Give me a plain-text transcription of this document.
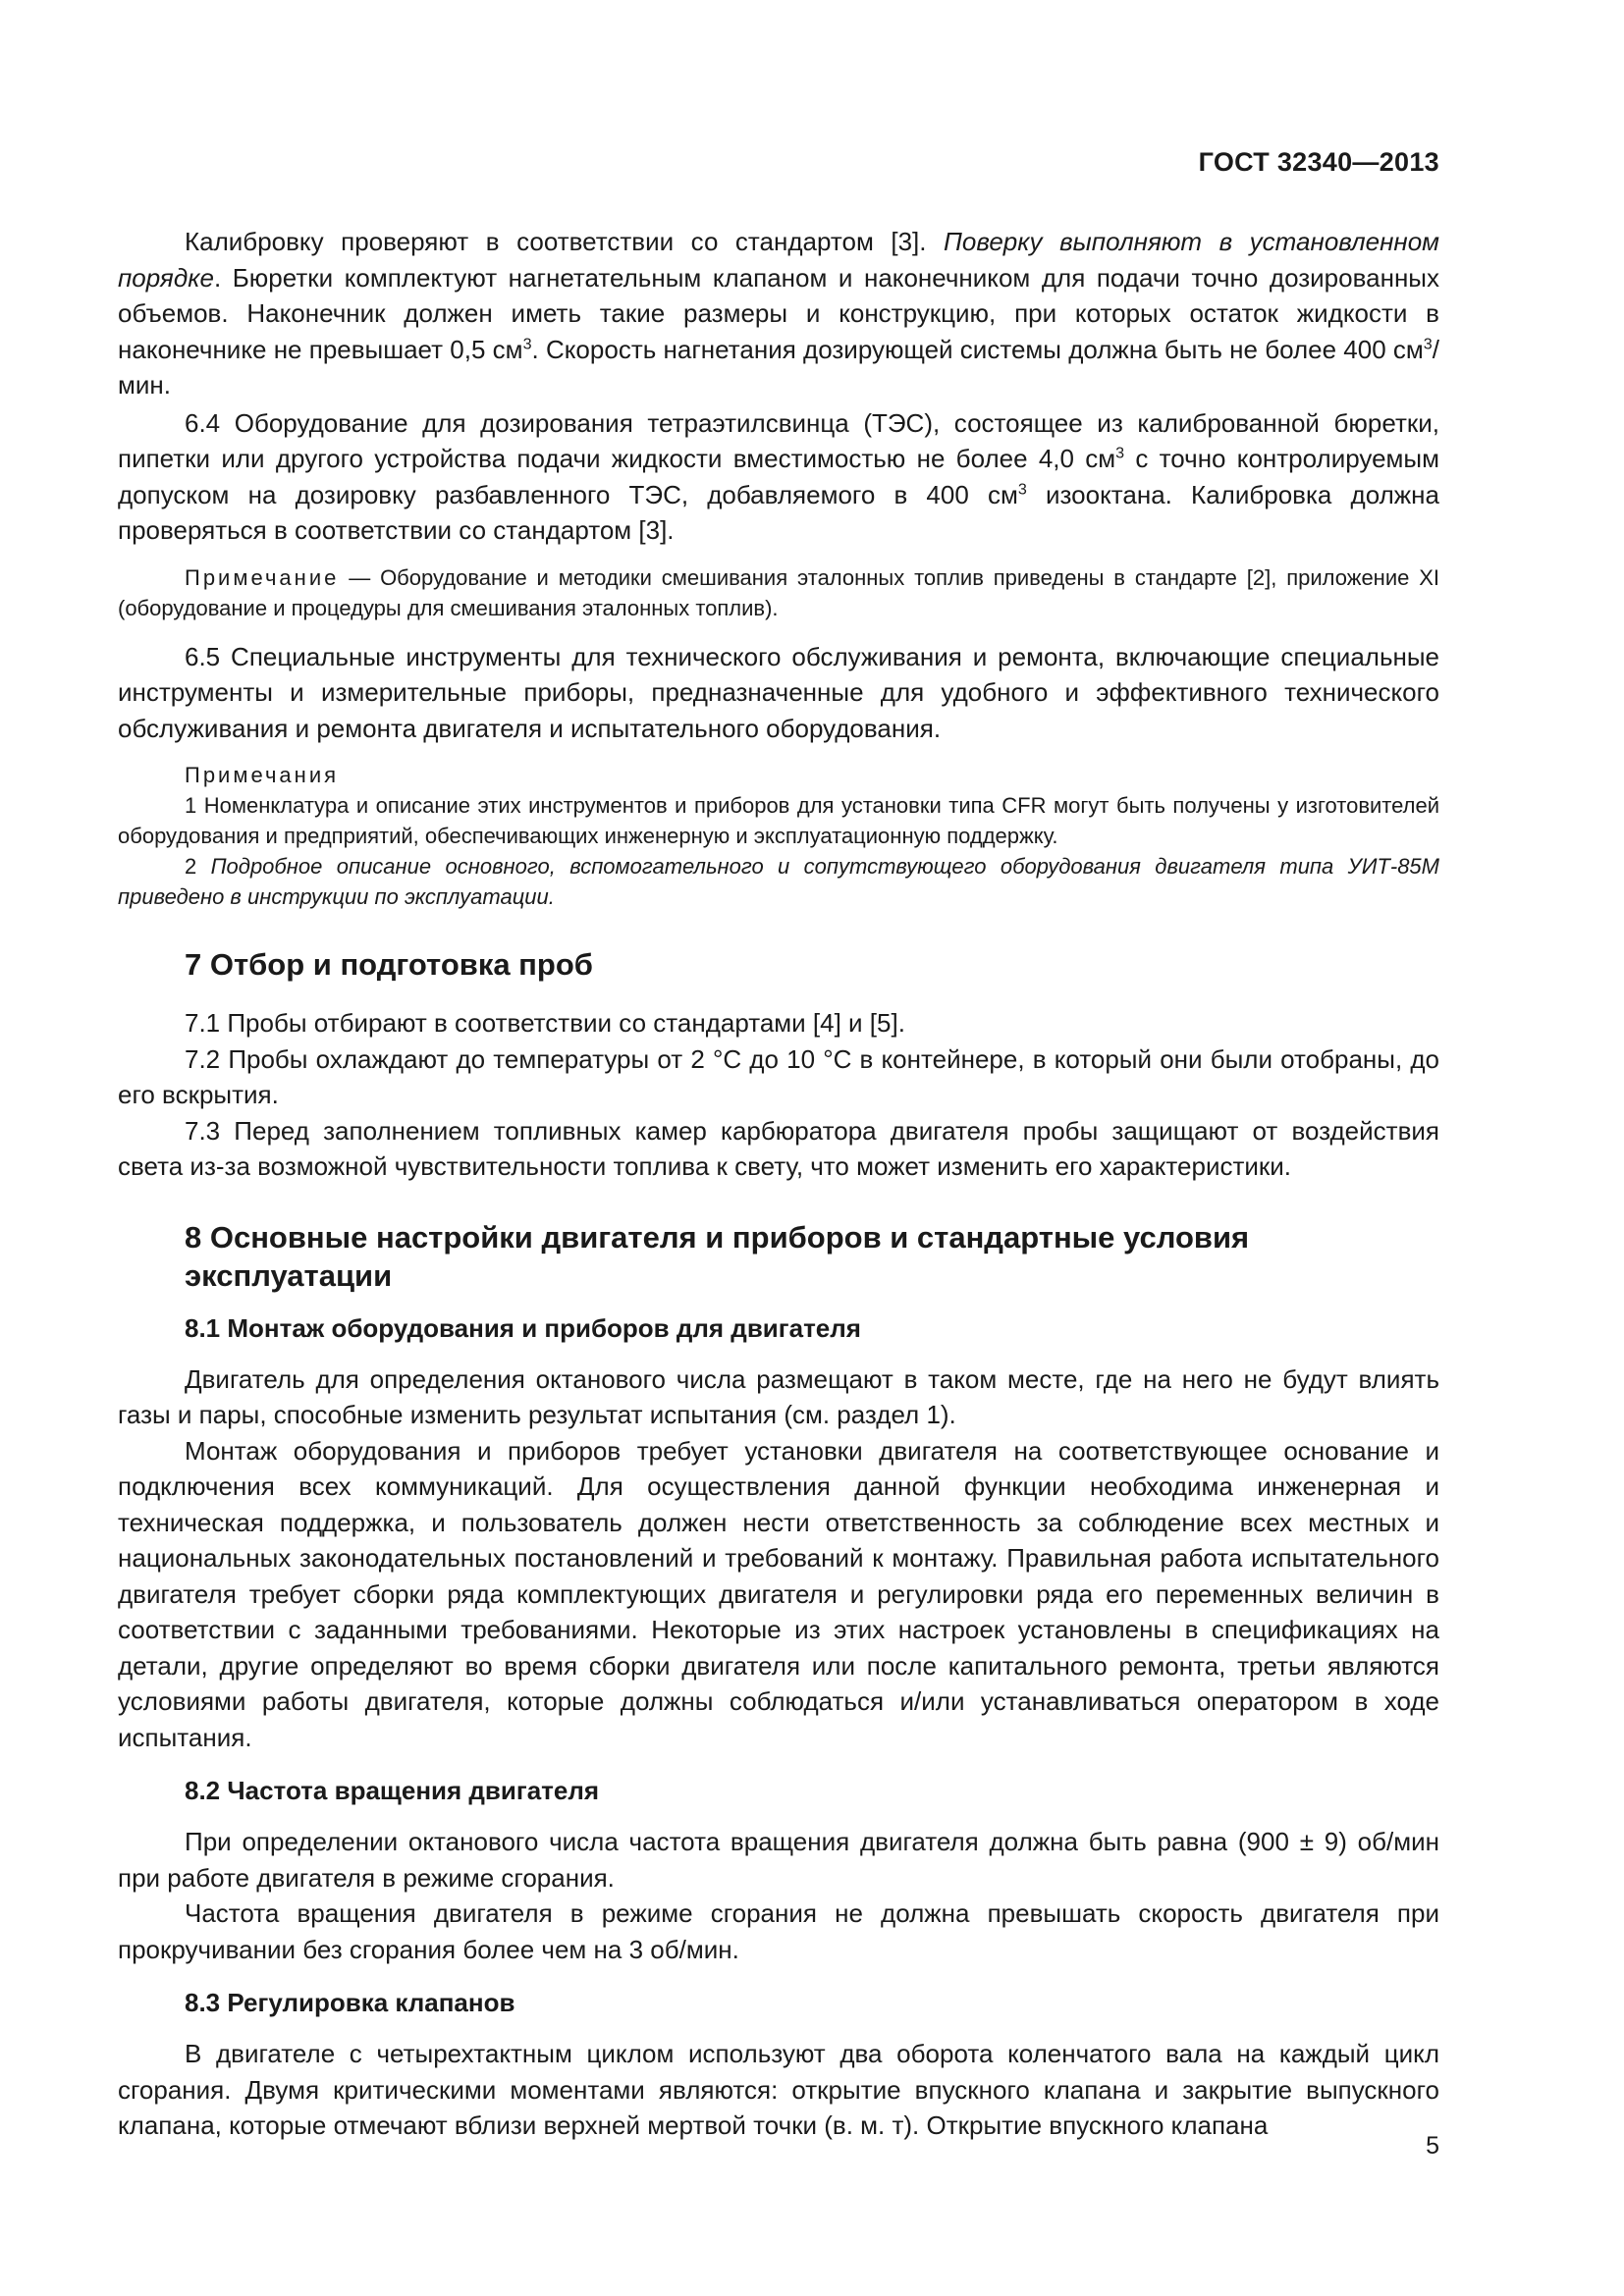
ГОСТ 32340—2013

Калибровку проверяют в соответствии со стандартом [3]. Поверку выполняют в установленном порядке. Бюретки комплектуют нагнетательным клапаном и наконечником для подачи точно дозированных объемов. Наконечник должен иметь такие размеры и конструкцию, при которых остаток жидкости в наконечнике не превышает 0,5 $см^3$. Скорость нагнетания дозирующей системы должна быть не более 400 $см^3$/мин.

6.4 Оборудование для дозирования тетраэтилсвинца (ТЭС), состоящее из калиброванной бюретки, пипетки или другого устройства подачи жидкости вместимостью не более 4,0 $см^3$ с точно контролируемым допуском на дозировку разбавленного ТЭС, добавляемого в 400 $см^3$ изооктана. Калибровка должна проверяться в соответствии со стандартом [3].

Примечание — Оборудование и методики смешивания эталонных топлив приведены в стандарте [2], приложение XI (оборудование и процедуры для смешивания эталонных топлив).

6.5 Специальные инструменты для технического обслуживания и ремонта, включающие специальные инструменты и измерительные приборы, предназначенные для удобного и эффективного технического обслуживания и ремонта двигателя и испытательного оборудования.

Примечания

1 Номенклатура и описание этих инструментов и приборов для установки типа CFR могут быть получены у изготовителей оборудования и предприятий, обеспечивающих инженерную и эксплуатационную поддержку.

2 Подробное описание основного, вспомогательного и сопутствующего оборудования двигателя типа УИТ-85М приведено в инструкции по эксплуатации.

7 Отбор и подготовка проб

7.1 Пробы отбирают в соответствии со стандартами [4] и [5].

7.2 Пробы охлаждают до температуры от 2 °С до 10 °С в контейнере, в который они были отобраны, до его вскрытия.

7.3 Перед заполнением топливных камер карбюратора двигателя пробы защищают от воздействия света из-за возможной чувствительности топлива к свету, что может изменить его характеристики.

8 Основные настройки двигателя и приборов и стандартные условия
эксплуатации
8.1 Монтаж оборудования и приборов для двигателя

Двигатель для определения октанового числа размещают в таком месте, где на него не будут влиять газы и пары, способные изменить результат испытания (см. раздел 1).

Монтаж оборудования и приборов требует установки двигателя на соответствующее основание и подключения всех коммуникаций. Для осуществления данной функции необходима инженерная и техническая поддержка, и пользователь должен нести ответственность за соблюдение всех местных и национальных законодательных постановлений и требований к монтажу. Правильная работа испытательного двигателя требует сборки ряда комплектующих двигателя и регулировки ряда его переменных величин в соответствии с заданными требованиями. Некоторые из этих настроек установлены в спецификациях на детали, другие определяют во время сборки двигателя или после капитального ремонта, третьи являются условиями работы двигателя, которые должны соблюдаться и/или устанавливаться оператором в ходе испытания.

8.2 Частота вращения двигателя

При определении октанового числа частота вращения двигателя должна быть равна (900 ± 9) об/мин при работе двигателя в режиме сгорания.

Частота вращения двигателя в режиме сгорания не должна превышать скорость двигателя при прокручивании без сгорания более чем на 3 об/мин.

8.3 Регулировка клапанов

В двигателе с четырехтактным циклом используют два оборота коленчатого вала на каждый цикл сгорания. Двумя критическими моментами являются: открытие впускного клапана и закрытие выпускного клапана, которые отмечают вблизи верхней мертвой точки (в. м. т). Открытие впускного клапана

5
